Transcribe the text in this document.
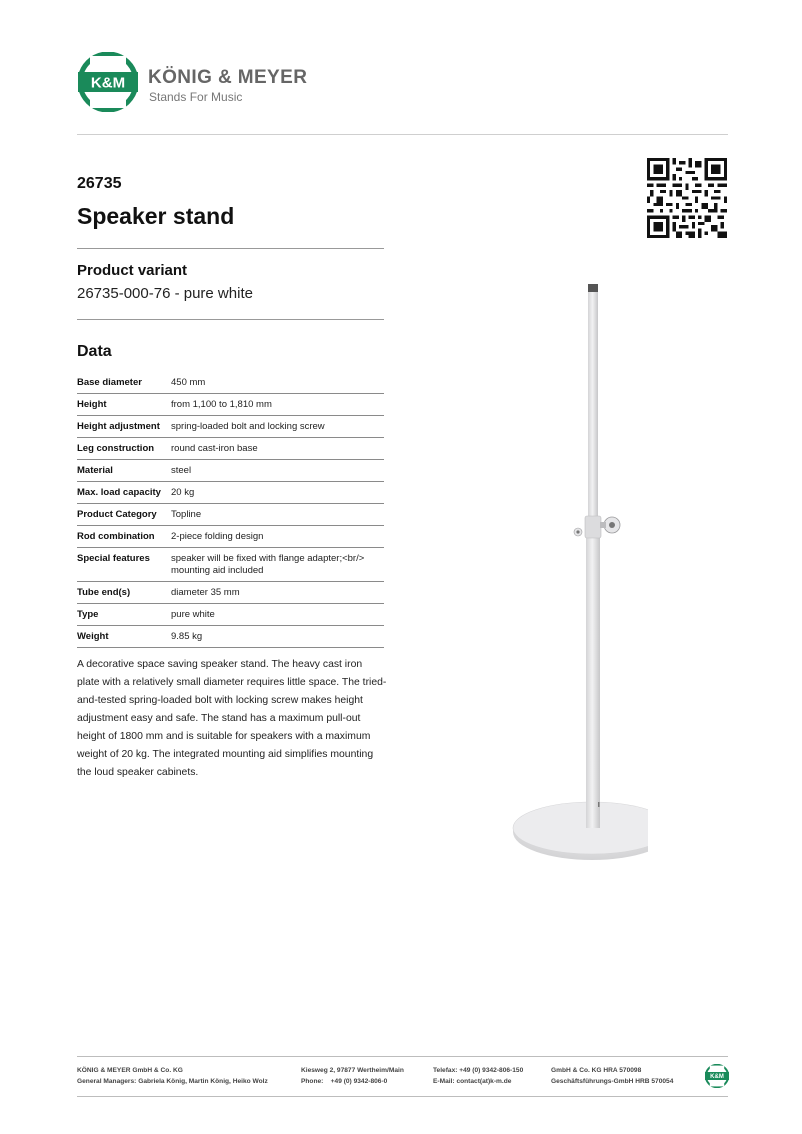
K&M KÖNIG & MEYER
Stands For Music
26735
Speaker stand
Product variant
26735-000-76 - pure white
Data
Base diameter	450 mm
Height	from 1,100 to 1,810 mm
Height adjustment	spring-loaded bolt and locking screw
Leg construction	round cast-iron base
Material	steel
Max. load capacity	20 kg
Product Category	Topline
Rod combination	2-piece folding design
Special features	speaker will be fixed with flange adapter;<br/> mounting aid included
Tube end(s)	diameter 35 mm
Type	pure white
Weight	9.85 kg
A decorative space saving speaker stand. The heavy cast iron plate with a relatively small diameter requires little space. The tried-and-tested spring-loaded bolt with locking screw makes height adjustment easy and safe. The stand has a maximum pull-out height of 1800 mm and is suitable for speakers with a maximum weight of 20 kg. The integrated mounting aid simplifies mounting the loud speaker cabinets.
KÖNIG & MEYER GmbH & Co. KG
General Managers: Gabriela König, Martin König, Heiko Wolz
Kiesweg 2, 97877 Wertheim/Main
Phone:    +49 (0) 9342-806-0
Telefax: +49 (0) 9342-806-150
E-Mail: contact(at)k-m.de
GmbH & Co. KG HRA 570098
Geschäftsführungs-GmbH HRB 570054
K&M
